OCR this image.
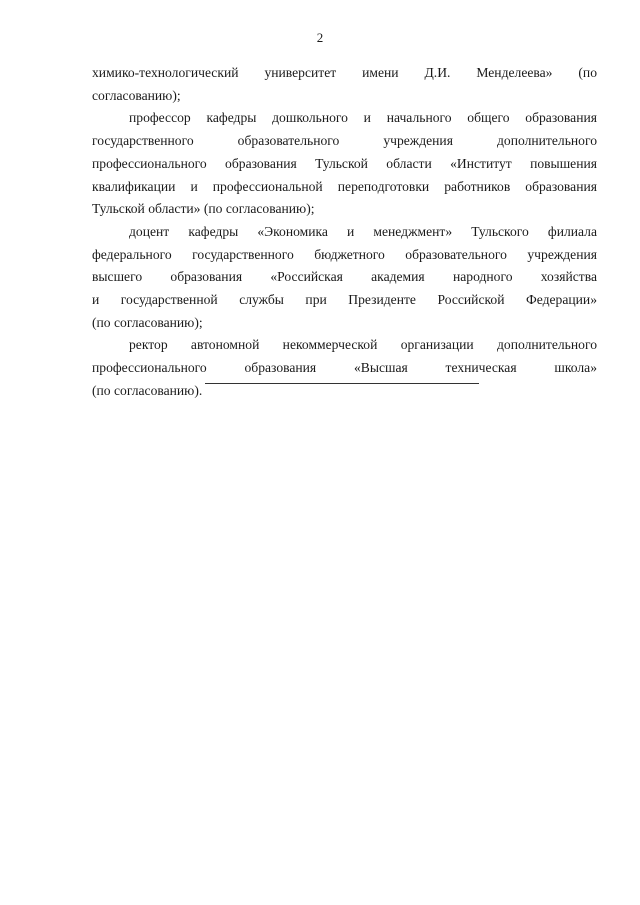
2
химико-технологический университет имени Д.И. Менделеева» (по
согласованию);
профессор кафедры дошкольного и начального общего образования
государственного образовательного учреждения дополнительного
профессионального образования Тульской области «Институт повышения
квалификации и профессиональной переподготовки работников образования
Тульской области» (по согласованию);
доцент кафедры «Экономика и менеджмент» Тульского филиала
федерального государственного бюджетного образовательного учреждения
высшего образования «Российская академия народного хозяйства
и государственной службы при Президенте Российской Федерации»
(по согласованию);
ректор автономной некоммерческой организации дополнительного
профессионального образования «Высшая техническая школа»
(по согласованию).
